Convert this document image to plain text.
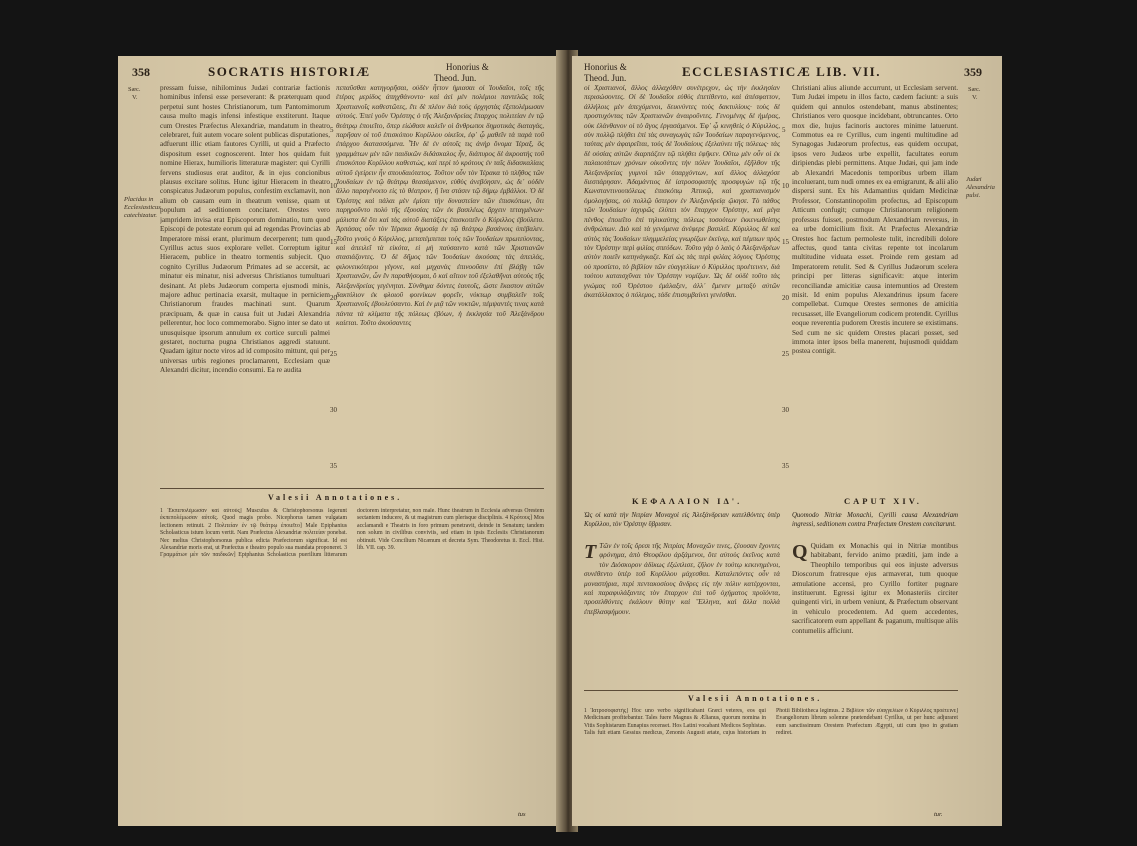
358	SOCRATIS HISTORIÆ	Honorius &
Theod. Jun.
Sæc.
V.
Placidus in Ecclesiasticus catechizatur.

pressam fuisse, nihilominus Judæi contrariæ factionis hominibus infensi esse perseverant: & præterquam quod perpetui sunt hostes Christianorum, tum Pantomimorum causa multo magis infensi infestique exstiterunt. Itaque cum Orestes Præfectus Alexandriæ, mandatum in theatro celebraret, fuit autem vocare solent publicas disputationes, adfuerunt illic etiam fautores Cyrilli, ut quid a Præfecto dispositum esset cognoscerent. Inter hos quidam fuit nomine Hierax, humilioris litteraturæ magister: qui Cyrilli fervens studiosus erat auditor, & in ejus concionibus plausus excitare solitus. Hunc igitur Hieracem in theatro conspicatus Judæorum populus, confestim exclamavit, non alium ob causam eum in theatrum venisse, quam ut populum ad seditionem concitaret. Orestes vero jampridem invisa erat Episcoporum dominatio, tum quod Episcopi de potestate eorum qui ad regendas Provincias ab Imperatore missi erant, plurimum decerperent; tum quod Cyrillus actus suos explorare vellet. Correptum igitur Hieracem, publice in theatro tormentis subjecit. Quo cognito Cyrillus Judæorum Primates ad se accersit, ac minatur eis minatur, nisi adversus Christianos tumultuari desinant. At plebs Judæorum comperta ejusmodi minis, majore adhuc pertinacia exarsit, multaque in perniciem Christianorum fraudes machinati sunt. Quarum præcipuam, & quæ in causa fuit ut Judæi Alexandria pellerentur, hoc loco commemorabo. Signo inter se dato ut unusquisque ipsorum annulum ex cortice surculi palmei gestaret, nocturna pugna Christianos aggredi statuunt. Quadam igitur nocte viros ad id composito mittunt, qui per universas urbis regiones proclamarent, Ecclesiam quæ Alexandri dicitur, incendio consumi. Ea re audita

πεπαῦσθαι κατηγορῆσαι, οὐδὲν ἧττον ἡμιασαι οἱ Ἰουδαῖοι, τοῖς τῆς ἑτέρας μερίδος ἀπηχθάνοντο· καὶ ἀεὶ μὲν πολέμιοι παντελῶς τοῖς Χριστιανοῖς καθεστῶτες, ἔτι δὲ πλέον διὰ τοὺς ὀρχηστὰς ἐξεπολέμωσαν αὐτούς. Ἐπεὶ γοῦν Ὀρέστης ὁ τῆς Ἀλεξανδρείας ἔπαρχος πολιτείαν ἐν τῷ θεάτρῳ ἐποιεῖτο, ὅπερ εἰώθασι καλεῖν οἱ ἄνθρωποι δημοτικὰς διαταγάς, παρῆσαν οἱ τοῦ ἐπισκόπου Κυρίλλου οἰκεῖοι, ἐφ᾽ ᾧ μαθεῖν τὰ παρὰ τοῦ ἐπάρχου διατασσόμενα. Ἦν δὲ ἐν αὐτοῖς τις ἀνὴρ ὄνομα Ἱέραξ, ὃς γραμμάτων μὲν τῶν παιδικῶν διδάσκαλος ἦν, διάπυρος δὲ ἀκροατὴς τοῦ ἐπισκόπου Κυρίλλου καθεστὼς, καὶ περὶ τὸ κρότους ἐν ταῖς διδασκαλίαις αὐτοῦ ἐγείρειν ἦν σπουδαιότατος. Τοῦτον οὖν τὸν Ἱέρακα τὸ πλῆθος τῶν Ἰουδαίων ἐν τῷ θεάτρῳ θεασάμενον, εὐθὺς ἀνεβόησεν, ὡς δι᾽ οὐδὲν ἄλλο παραγένοιτο εἰς τὸ θέατρον, ἢ ἵνα στάσιν τῷ δήμῳ ἐμβάλλοι. Ὁ δὲ Ὀρέστης καὶ πάλαι μὲν ἐμίσει τὴν δυναστείαν τῶν ἐπισκόπων, ὅτι παρῃροῦντο πολὺ τῆς ἐξουσίας τῶν ἐκ βασιλέως ἄρχειν τεταγμένων· μάλιστα δὲ ὅτι καὶ τὰς αὐτοῦ διατάξεις ἐπισκοπεῖν ὁ Κύριλλος ἐβούλετο. Ἁρπάσας οὖν τὸν Ἱέρακα δημοσίᾳ ἐν τῷ θεάτρῳ βασάνοις ὑπέβαλεν. Τοῦτο γνοὺς ὁ Κύριλλος, μεταπέμπεται τοὺς τῶν Ἰουδαίων πρωτεύοντας, καὶ ἀπειλεῖ τὰ εἰκότα, εἰ μὴ παύσαιντο κατὰ τῶν Χριστιανῶν στασιάζοντες. Ὁ δὲ δῆμος τῶν Ἰουδαίων ἀκούσας τὰς ἀπειλάς, φιλονεικότεροι γέγονε, καὶ μηχανὰς ἐπινοοῦσιν ἐπὶ βλάβῃ τῶν Χριστιανῶν, ὧν ἓν παραθήσομαι, ὃ καὶ αἴτιον τοῦ ἐξελαθῆναι αὐτοὺς τῆς Ἀλεξανδρείας γεγένηται. Σύνθημα δόντες ἑαυτοῖς, ὥστε ἕκαστον αὐτῶν δακτύλιον ἐκ φλοιοῦ φοινίκων φορεῖν, νύκτωρ συμβαλεῖν τοῖς Χριστιανοῖς ἐβουλεύσαντο. Καὶ ἐν μιᾷ τῶν νυκτῶν, πέμψαντές τινας κατὰ πάντα τὰ κλίματα τῆς πόλεως ἐβόων, ἡ ἐκκλησία τοῦ Ἀλεξάνδρου καίεται. Τοῦτο ἀκούσαντες

5
10
15
20
25
30
35
Valesii Annotationes.
1 Ἐκπεπολέμωσαν καὶ αὐτούς] Musculus & Christophorsonus legerunt ἐκπεπολέμωσαν αὐτοῖς. Quod magis probo. Nicephorus tamen vulgatam lectionem retinuit. 2 Πολιτείαν ἐν τῷ θεάτρῳ ἐποιεῖτο] Male Epiphanius Scholasticus istum locum vertit. Nam Præfectus Alexandriæ πολιτείαν ponebat. Nec melius Christophorsonus publica edicta Præfectorum significat. Id est Alexandriæ moris erat, ut Præfectus e theatro populo sua mandata proponeret. 3 Γραμμάτων μὲν τῶν παιδικῶν] Epiphanius Scholasticus puerilium litterarum doctorem interpretatur, non male. Hunc theatrum in Ecclesia adversus Orestem sectantem inducere, & ut magistrum cum plerisque disciplinis. 4 Κρότους] Mos acclamandi e Theatris in foro primum penetravit, deinde in Senatum; tandem non solum in civilibus conviviis, sed etiam in ipsis Ecclesiis Christianorum obtinuit. Vide Concilium Nicænum et decreta Sym. Theodoretus ii. Eccl. Hist. lib. VII. cap. 39.
tus
Honorius &
Theod. Jun.	ECCLESIASTICÆ LIB. VII.	359

οἱ Χριστιανοί, ἄλλος ἀλλαχόθεν συνέτρεχον, ὡς τὴν ἐκκλησίαν περισώσοντες. Οἱ δὲ Ἰουδαῖοι εὐθὺς ἐπετίθεντο, καὶ ἀπέσφαττον, ἀλλήλοις μὲν ἀπεχόμενοι, δεικνύντες τοὺς δακτυλίους· τοὺς δὲ προστυχόντας τῶν Χριστιανῶν ἀναιροῦντες. Γενομένης δὲ ἡμέρας, οὐκ ἐλάνθανον οἱ τὸ ἄγος ἐργασάμενοι. Ἐφ᾽ ᾧ κινηθεὶς ὁ Κύριλλος, σὺν πολλῷ πλήθει ἐπὶ τὰς συναγωγὰς τῶν Ἰουδαίων παραγενόμενος, ταύτας μὲν ἀφαιρεῖται, τοὺς δὲ Ἰουδαίους ἐξελαύνει τῆς πόλεως· τὰς δὲ οὐσίας αὐτῶν διαρπάζειν τῷ πλήθει ἐφῆκεν. Οὕτω μὲν οὖν οἱ ἐκ παλαιοτάτων χρόνων οἰκοῦντες τὴν πόλιν Ἰουδαῖοι, ἐξῆλθον τῆς Ἀλεξανδρείας γυμνοὶ τῶν ὑπαρχόντων, καὶ ἄλλος ἀλλαχόσε διεσπάρησαν. Ἀδαμάντιος δὲ ἰατροσοφιστὴς προσφυγὼν τῷ τῆς Κωνσταντινουπόλεως ἐπισκόπῳ Ἀττικῷ, καὶ χριστιανισμὸν ὁμολογήσας, οὐ πολλῷ ὕστερον ἐν Ἀλεξανδρείᾳ ᾤκησε. Τὸ πάθος τῶν Ἰουδαίων ἰσχυρῶς ἐλύπει τὸν ἔπαρχον Ὀρέστην, καὶ μέγα πένθος ἐποιεῖτο ἐπὶ τηλικαύτης πόλεως τοσούτων ἐκκενωθείσης ἀνθρώπων. Διὸ καὶ τὰ γενόμενα ἀνέφερε βασιλεῖ. Κύριλλος δὲ καὶ αὐτὸς τὰς Ἰουδαίων πλημμελείας γνωρίζων ἐκείνῳ, καὶ πέμπων πρὸς τὸν Ὀρέστην περὶ φιλίας σπεύδων. Τοῦτο γὰρ ὁ λαὸς ὁ Ἀλεξανδρέων αὐτὸν ποιεῖν κατηνάγκαζε. Καὶ ὡς τὰς περὶ φιλίας λόγους Ὀρέστης οὐ προσίετο, τὸ βιβλίον τῶν εὐαγγελίων ὁ Κύριλλος προέτεινεν, διὰ τούτου καταισχῦναι τὸν Ὀρέστην νομίζων. Ὡς δὲ οὐδὲ τοῦτο τὰς γνώμας τοῦ Ὀρέστου ἐμάλαξεν, ἀλλ᾽ ἔμενεν μεταξὺ αὐτῶν ἀκατάλλακτος ὁ πόλεμος, τάδε ἐπισυμβαίνει γενέσθαι.

5
10
15
20
25
30
35

Christiani alius aliunde accurrunt, ut Ecclesiam servent. Tum Judæi impetu in illos facto, cædem faciunt: a suis quidem qui annulos ostendebant, manus abstinentes; Christianos vero quosque incidebant, obtruncantes. Orto mox die, hujus facinoris auctores minime latuerunt. Commotus ea re Cyrillus, cum ingenti multitudine ad Synagogas Judæorum profectus, eas quidem occupat, ipsos vero Judæos urbe expellit, facultates eorum diripiendas plebi permittens. Atque Judæi, qui jam inde ab Alexandri Macedonis temporibus urbem illam incoluerant, tum nudi omnes ex ea emigrarunt, & alii alio dispersi sunt. Ex his Adamantius quidam Medicinæ Professor, Constantinopolim profectus, ad Episcopum Atticum confugit; cumque Christianorum religionem professus fuisset, postmodum Alexandriam reversus, in ea urbe domicilium fixit. At Præfectus Alexandriæ Orestes hoc factum permoleste tulit, incredibili dolore affectus, quod tanta civitas repente tot incolarum multitudine viduata esset. Proinde rem gestam ad Imperatorem retulit. Sed & Cyrillus Judæorum scelera principi per litteras significavit: atque interim reconciliandæ amicitiæ causa internuntios ad Orestem misit. Id enim populus Alexandrinus ipsum facere compellebat. Cumque Orestes sermones de amicitia recusasset, ille Evangeliorum codicem protendit. Cyrillus eoque reverentia pudorem Orestis incutere se existimans. Sed cum ne sic quidem Orestes placari posset, sed immota inter ipsos bella manerent, hujusmodi quiddam postea contigit.

Sæc.
V.
Judæi Alexandria pulsi.
ΚΕΦΑΛΑΙΟΝ ΙΔ'.	CAPUT XIV.
Ὡς οἱ κατὰ τὴν Νιτρίαν Μοναχοὶ εἰς Ἀλεξάνδρειαν κατελθόντες ὑπὲρ Κυρίλλου, τὸν Ὀρέστην ὕβρισαν.
Quomodo Nitriæ Monachi, Cyrilli causa Alexandriam ingressi, seditionem contra Præfectum Orestem concitarunt.
Τ Τῶν ἐν τοῖς ὄρεσι τῆς Νιτρίας Μοναχῶν τινες, ζέουσαν ἔχοντες φρόνημα, ἀπὸ Θεοφίλου ἀρξάμενοι, ὅτε αὐτοὺς ἐκεῖνος κατὰ τὸν Διόσκορον ἀδίκως ἐξώπλισε, ζῆλον ἐν τούτῳ κεκινημένοι, συνέθεντο ὑπὲρ τοῦ Κυρίλλου μάχεσθαι. Καταλιπόντες οὖν τὰ μοναστήρια, περὶ πεντακοσίους ἄνδρες εἰς τὴν πόλιν κατέρχονται, καὶ παραφυλάξαντες τὸν ἔπαρχον ἐπὶ τοῦ ὀχήματος προϊόντα, προσελθόντες ἐκάλουν θύτην καὶ Ἕλληνα, καὶ ἄλλα πολλὰ ἐπεβλασφήμουν.
Q Quidam ex Monachis qui in Nitriæ montibus habitabant, fervido animo præditi, jam inde a Theophilo temporibus qui eos injuste adversus Dioscorum fratresque ejus armaverat, tum quoque æmulatione accensi, pro Cyrillo fortiter pugnare instituerunt. Egressi igitur ex Monasteriis circiter quingenti viri, in urbem veniunt, & Præfectum observant in vehiculo procedentem. Ad quem accedentes, sacrificatorem eum appellant & paganum, multisque aliis contumeliis afficiunt.
Valesii Annotationes.
1 Ἰατροσοφιστὴς] Hoc uno verbo significabant Græci veteres, eos qui Medicinam profitebantur. Tales fuere Magnus & Ælianus, quorum nomina in Vitis Sophistarum Eunapius recenset. Hos Latini vocabant Medicos Sophistas. Talis fuit etiam Gessius medicus, Zenonis Augusti ætate, cujus historiam in Photii Bibliotheca legimus. 2 Βιβλίον τῶν εὐαγγελίων ὁ Κύριλλος προέτεινε] Evangeliorum librum solemne prætendebant Cyrillus, ut per hunc adjuraret eum sanctissimum Orestem Præfectum Ægypti, uti cum ipso in gratiam rediret.
tur.
